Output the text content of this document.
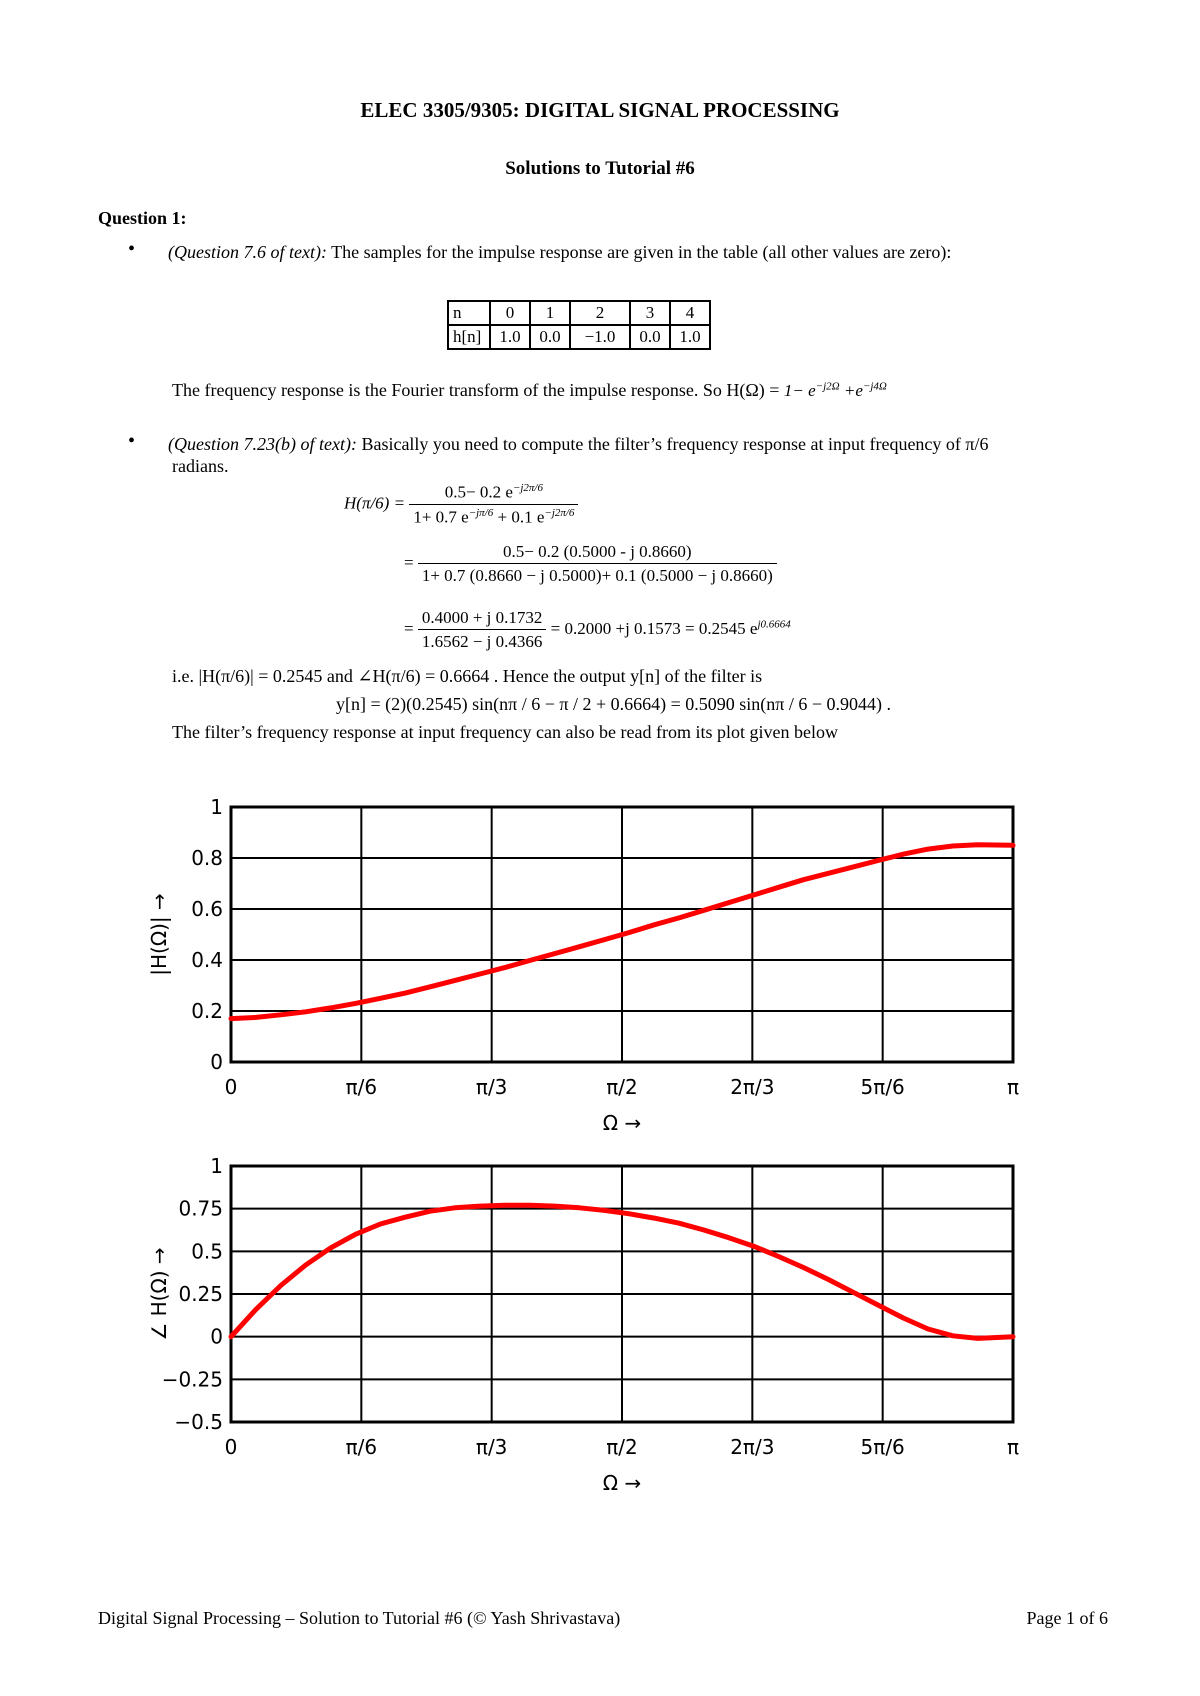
ELEC 3305/9305: DIGITAL SIGNAL PROCESSING
Solutions to Tutorial #6
Question 1:
• (Question 7.6 of text): The samples for the impulse response are given in the table (all other values are zero):
n	0	1	2	3	4
h[n]	1.0	0.0	−1.0	0.0	1.0
The frequency response is the Fourier transform of the impulse response. So $H(\Omega) = 1- e^{-j2\Omega} +e^{-j4\Omega}$
• (Question 7.23(b) of text): Basically you need to compute the filter’s frequency response at input frequency of π/6
radians.
$H(\pi/6) = \frac{0.5- 0.2 e^{-j2\pi/6}}{1+ 0.7 e^{-j\pi/6} + 0.1 e^{-j2\pi/6}}$
= $\frac{0.5- 0.2 (0.5000 - j 0.8660)}{1+ 0.7 (0.8660 - j 0.5000)+ 0.1 (0.5000 - j 0.8660)}$
= $\frac{0.4000 + j 0.1732}{1.6562 - j 0.4366} = 0.2000 +j$ 0.1573 = 0.2545 $e^{j0.6664}$
i.e. |H(π/6)| = 0.2545 and ∠H(π/6) = 0.6664 . Hence the output y[n] of the filter is
y[n] = (2)(0.2545) sin(nπ / 6 − π / 2 + 0.6664) = 0.5090 sin(nπ / 6 − 0.9044) .
The filter’s frequency response at input frequency can also be read from its plot given below
0	π/6	π/3	π/2	2π/3	5π/6	π
0
0.2
0.4
0.6
0.8
1
Ω →
|H(Ω)| →
0	π/6	π/3	π/2	2π/3	5π/6	π
−0.5
−0.25
0
0.25
0.5
0.75
1
Ω →
∠ H(Ω) →
Digital Signal Processing – Solution to Tutorial #6 (© Yash Shrivastava)	Page 1 of 6
